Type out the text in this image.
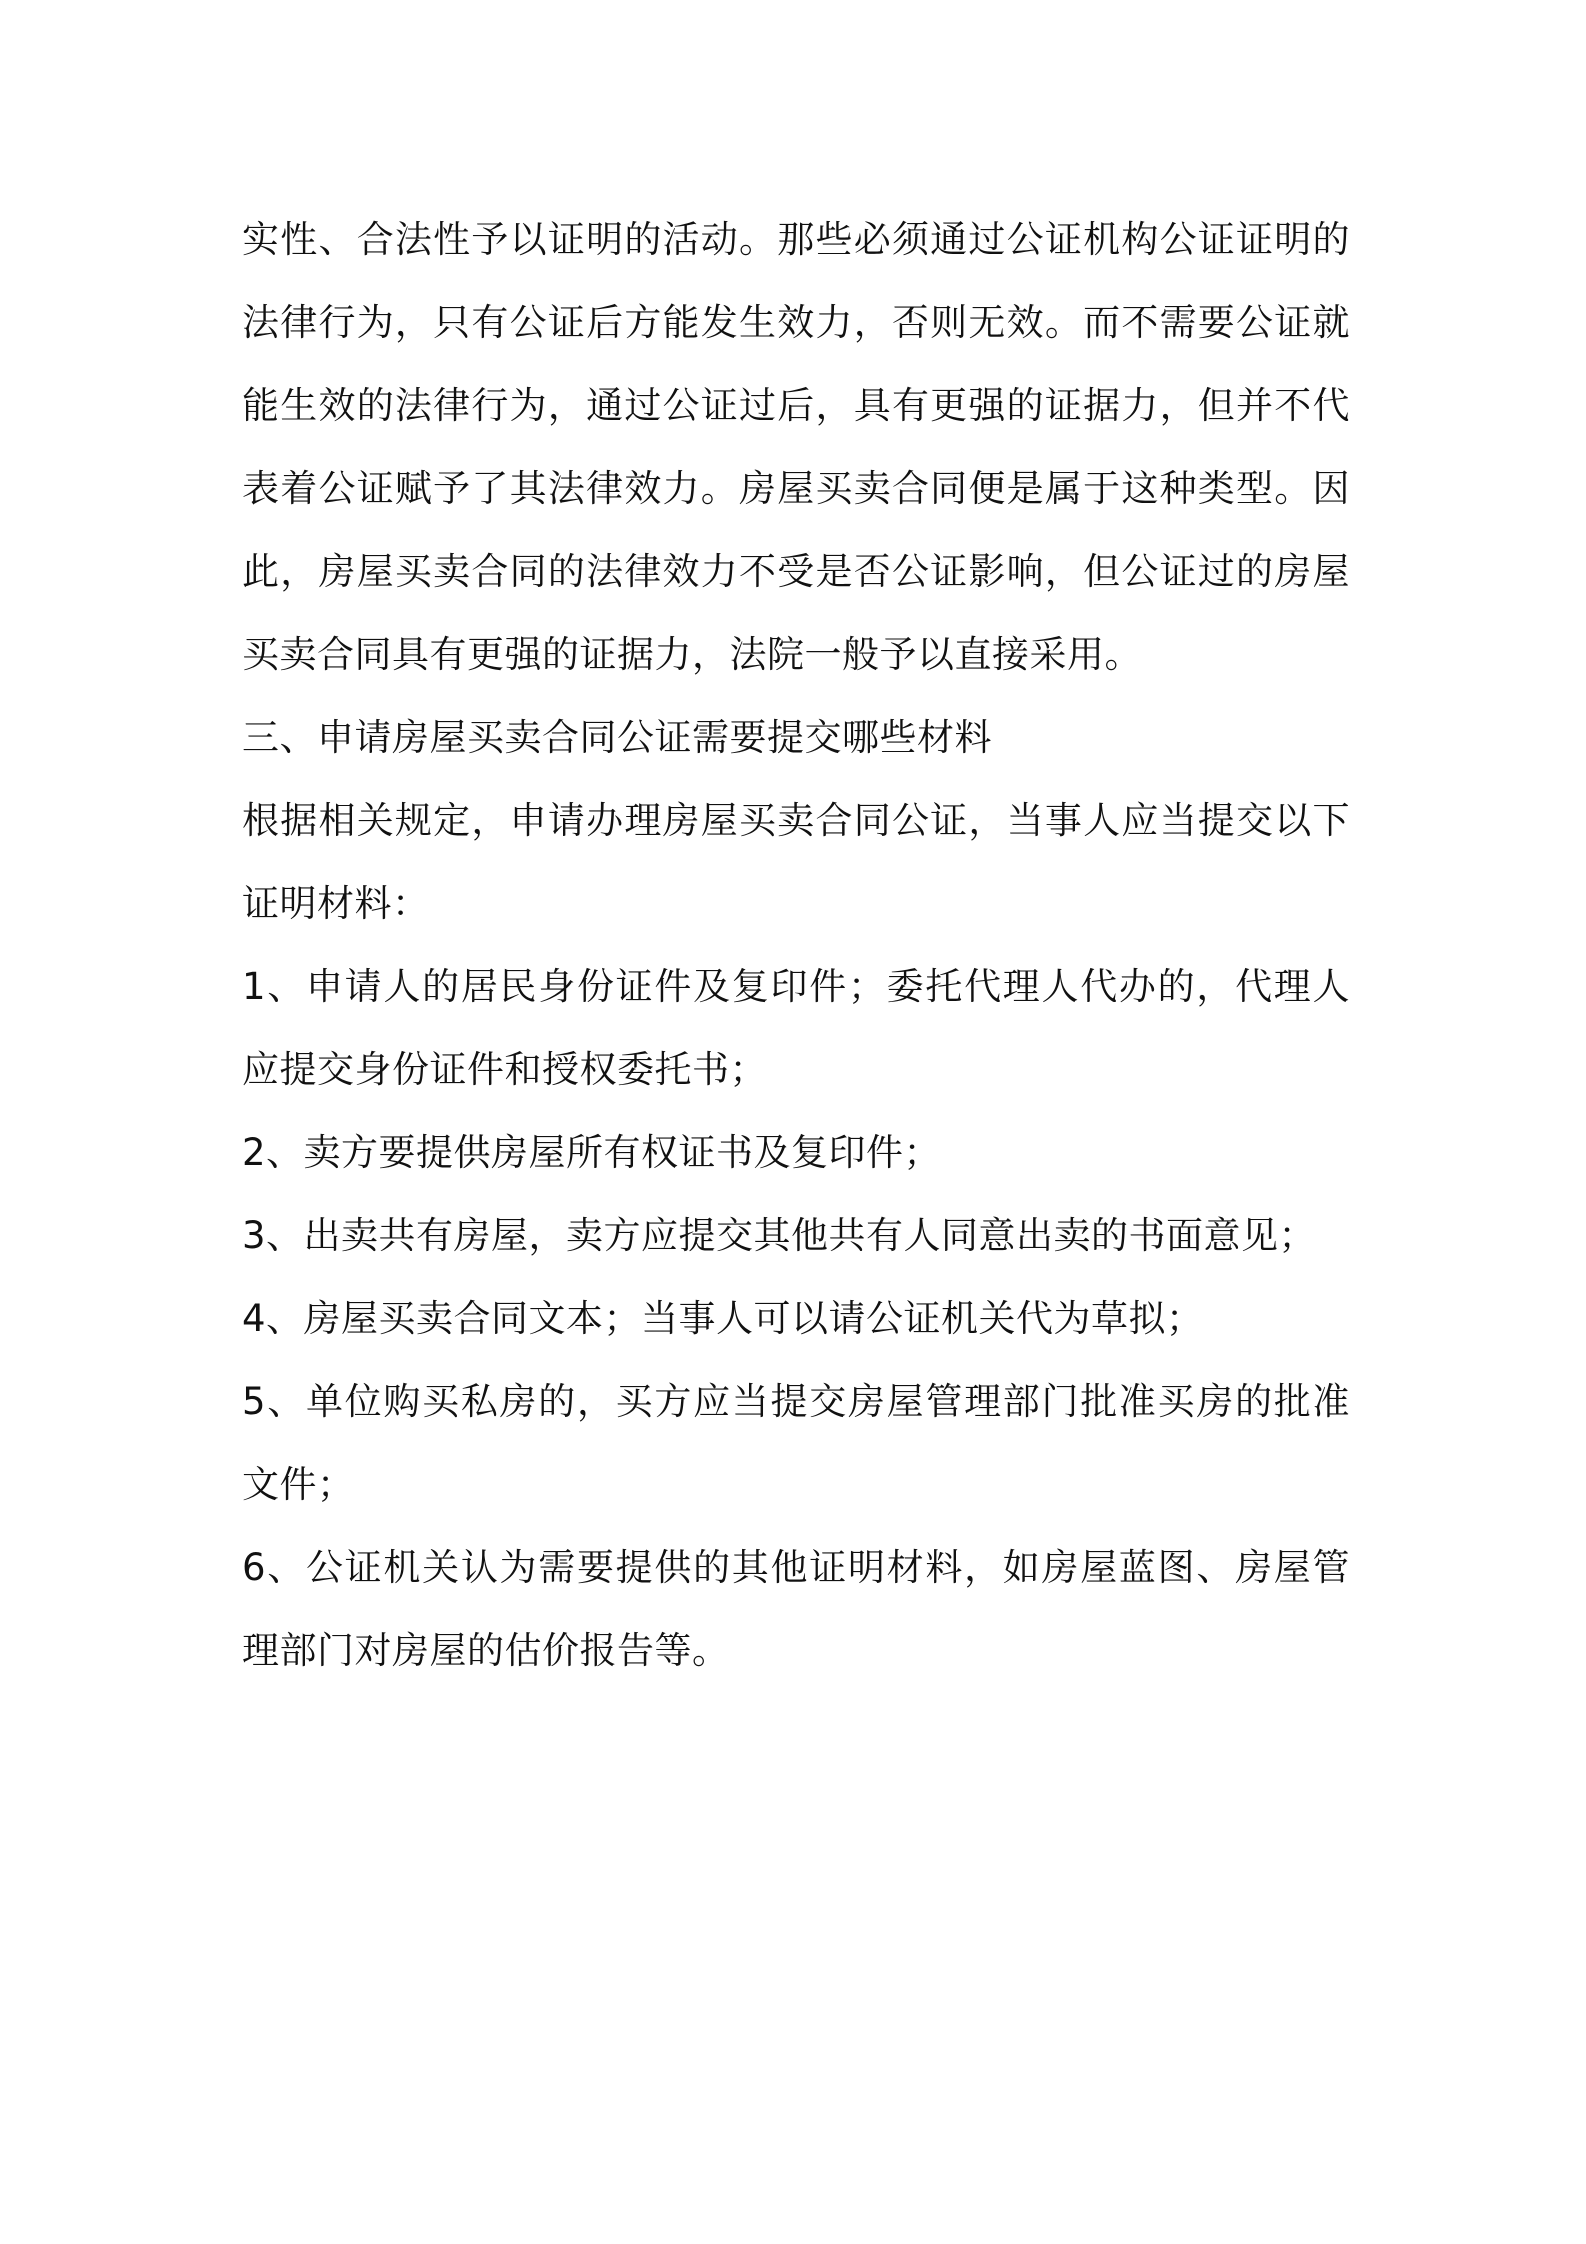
实性、合法性予以证明的活动。那些必须通过公证机构公证证明的法律行为，只有公证后方能发生效力，否则无效。而不需要公证就能生效的法律行为，通过公证过后，具有更强的证据力，但并不代表着公证赋予了其法律效力。房屋买卖合同便是属于这种类型。因此，房屋买卖合同的法律效力不受是否公证影响，但公证过的房屋买卖合同具有更强的证据力，法院一般予以直接采用。

三、申请房屋买卖合同公证需要提交哪些材料

根据相关规定，申请办理房屋买卖合同公证，当事人应当提交以下证明材料：

1、申请人的居民身份证件及复印件；委托代理人代办的，代理人应提交身份证件和授权委托书；

2、卖方要提供房屋所有权证书及复印件；

3、出卖共有房屋，卖方应提交其他共有人同意出卖的书面意见；

4、房屋买卖合同文本；当事人可以请公证机关代为草拟；

5、单位购买私房的，买方应当提交房屋管理部门批准买房的批准文件；

6、公证机关认为需要提供的其他证明材料，如房屋蓝图、房屋管理部门对房屋的估价报告等。
